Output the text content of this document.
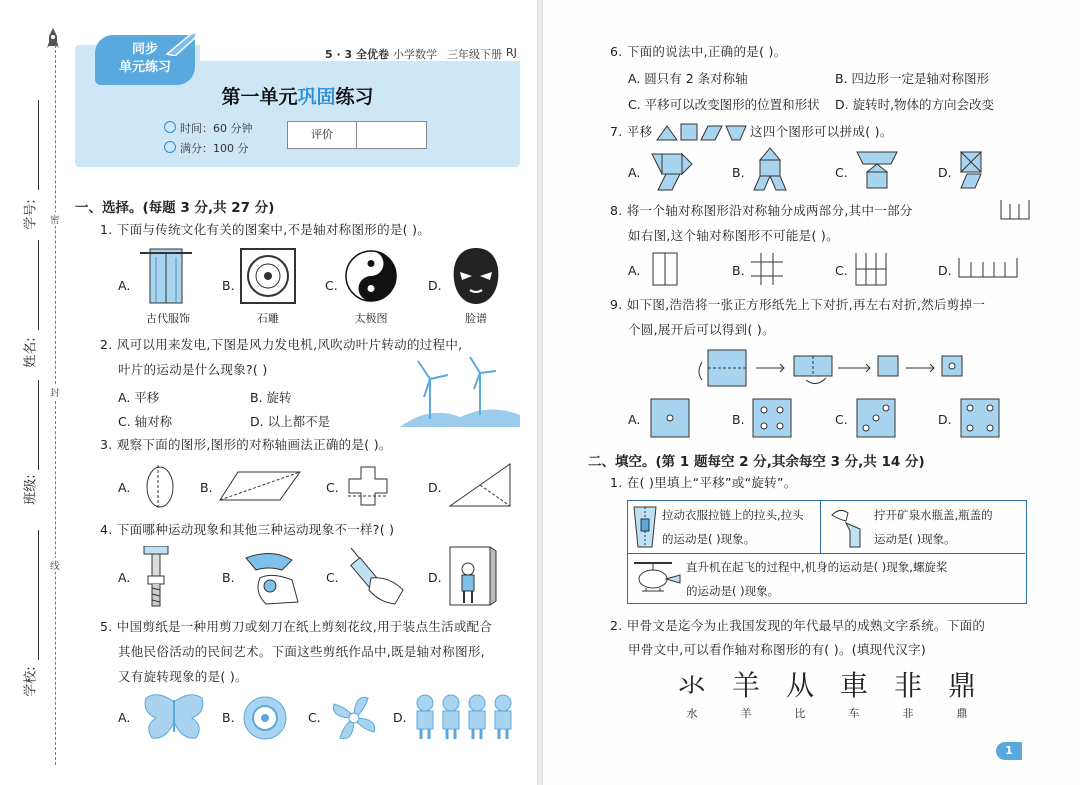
密
封
线
学号:
姓名:
班级:
学校:
5 · 3 全优卷 小学数学 三年级下册 RJ
同步
单元练习
第一单元巩固练习
时间：60 分钟
满分：100 分
评价
一、选择。(每题 3 分,共 27 分)
1. 下面与传统文化有关的图案中,不是轴对称图形的是( )。
A.
古代服饰
B.
石雕
C.
太极图
D.
脸谱
2. 风可以用来发电,下图是风力发电机,风吹动叶片转动的过程中,
叶片的运动是什么现象?( )
A. 平移	B. 旋转
C. 轴对称	D. 以上都不是
3. 观察下面的图形,图形的对称轴画法正确的是( )。
A.	B.	C.	D.
4. 下面哪种运动现象和其他三种运动现象不一样?( )
A.	B.	C.	D.
5. 中国剪纸是一种用剪刀或刻刀在纸上剪刻花纹,用于装点生活或配合
其他民俗活动的民间艺术。下面这些剪纸作品中,既是轴对称图形,
又有旋转现象的是( )。
A.	B.	C.	D.
6. 下面的说法中,正确的是( )。
A. 圆只有 2 条对称轴	B. 四边形一定是轴对称图形
C. 平移可以改变图形的位置和形状 D. 旋转时,物体的方向会改变
7. 平移	这四个图形可以拼成( )。
A.	B.	C.	D.
8. 将一个轴对称图形沿对称轴分成两部分,其中一部分
如右图,这个轴对称图形不可能是( )。
A.	B.	C.	D.
9. 如下图,浩浩将一张正方形纸先上下对折,再左右对折,然后剪掉一
个圆,展开后可以得到( )。
A.	B.	C.	D.
二、填空。(第 1 题每空 2 分,其余每空 3 分,共 14 分)
1. 在( )里填上“平移”或“旋转”。
拉动衣服拉链上的拉头,拉头
的运动是( )现象。
拧开矿泉水瓶盖,瓶盖的
运动是( )现象。
直升机在起飞的过程中,机身的运动是( )现象,螺旋桨
的运动是( )现象。
2. 甲骨文是迄今为止我国发现的年代最早的成熟文字系统。下面的
甲骨文中,可以看作轴对称图形的有( )。(填现代汉字)
氺
水
羊
羊
从
比
車
车
非
非
鼎
鼎
1
